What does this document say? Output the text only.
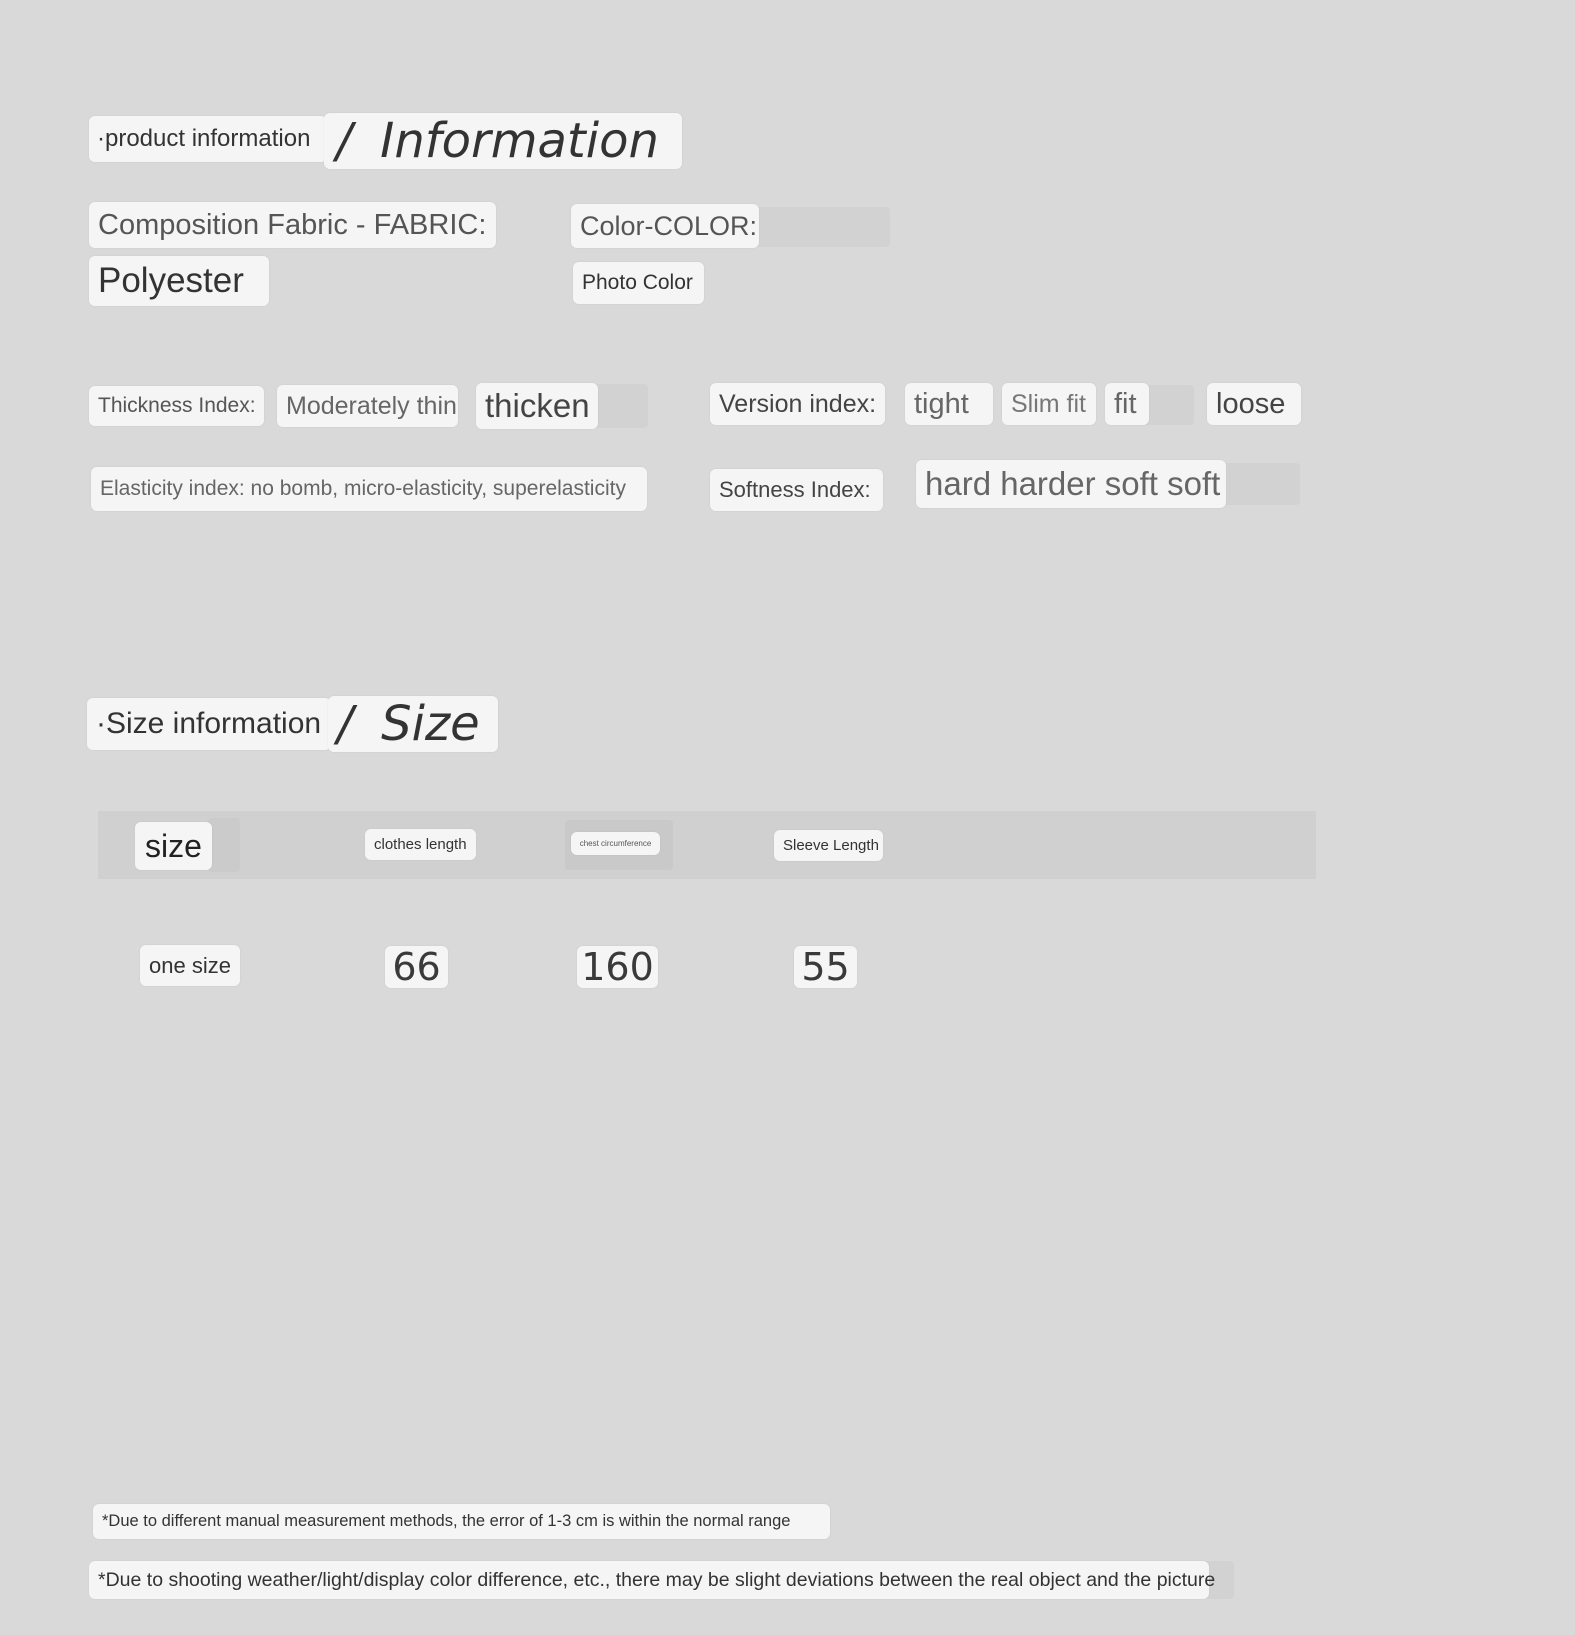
·product information / Information
Composition Fabric - FABRIC:
Polyester
Color-COLOR:
Photo Color
Thickness Index: Moderately thin thicken	Version index: tight Slim fit fit	loose
Elasticity index: no bomb, micro-elasticity, superelasticity	Softness Index: hard harder soft soft
·Size information / Size
size	clothes length	chest circumference	Sleeve Length
one size	66	160	55
*Due to different manual measurement methods, the error of 1-3 cm is within the normal range
*Due to shooting weather/light/display color difference, etc., there may be slight deviations between the real object and the picture
